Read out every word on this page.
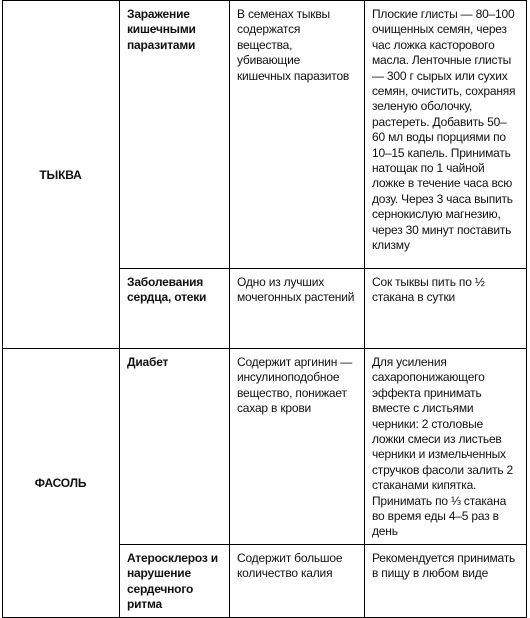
ТЫКВА	Заражение кишечными паразитами	В семенах тыквы содержатся вещества, убивающие кишечных паразитов	Плоские глисты — 80–100 очищенных семян, через час ложка касторового масла. Ленточные глисты — 300 г сырых или сухих семян, очистить, сохраняя зеленую оболочку, растереть. Добавить 50–60 мл воды порциями по 10–15 капель. Принимать натощак по 1 чайной ложке в течение часа всю дозу. Через 3 часа выпить сернокислую магнезию, через 30 минут поставить клизму
	Заболевания сердца, отеки	Одно из лучших мочегонных растений	Сок тыквы пить по ½ стакана в сутки
ФАСОЛЬ	Диабет	Содержит аргинин — инсулиноподобное вещество, понижает сахар в крови	Для усиления сахаропонижающего эффекта принимать вместе с листьями черники: 2 столовые ложки смеси из листьев черники и измельченных стручков фасоли залить 2 стаканами кипятка. Принимать по ⅓ стакана во время еды 4–5 раз в день
	Атеросклероз и нарушение сердечного ритма	Содержит большое количество калия	Рекомендуется принимать в пищу в любом виде
